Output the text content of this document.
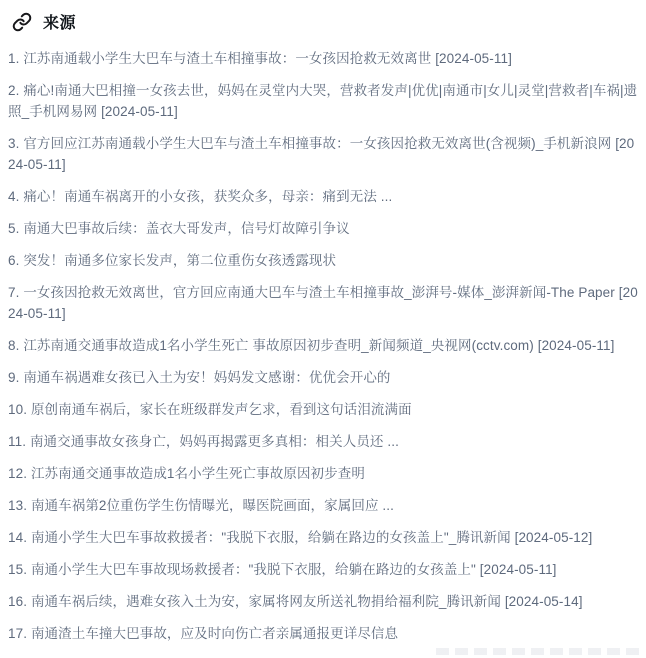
来源
1. 江苏南通载小学生大巴车与渣土车相撞事故：一女孩因抢救无效离世 [2024-05-11]
2. 痛心!南通大巴相撞一女孩去世，妈妈在灵堂内大哭，营救者发声|优优|南通市|女儿|灵堂|营救者|车祸|遗照_手机网易网 [2024-05-11]
3. 官方回应江苏南通载小学生大巴车与渣土车相撞事故：一女孩因抢救无效离世(含视频)_手机新浪网 [2024-05-11]
4. 痛心！南通车祸离开的小女孩，获奖众多，母亲：痛到无法 ...
5. 南通大巴事故后续：盖衣大哥发声，信号灯故障引争议
6. 突发！南通多位家长发声，第二位重伤女孩透露现状
7. 一女孩因抢救无效离世，官方回应南通大巴车与渣土车相撞事故_澎湃号-媒体_澎湃新闻-The Paper [2024-05-11]
8. 江苏南通交通事故造成1名小学生死亡 事故原因初步查明_新闻频道_央视网(cctv.com) [2024-05-11]
9. 南通车祸遇难女孩已入土为安！妈妈发文感谢：优优会开心的
10. 原创南通车祸后，家长在班级群发声乞求，看到这句话泪流满面
11. 南通交通事故女孩身亡，妈妈再揭露更多真相：相关人员还 ...
12. 江苏南通交通事故造成1名小学生死亡事故原因初步查明
13. 南通车祸第2位重伤学生伤情曝光，曝医院画面，家属回应 ...
14. 南通小学生大巴车事故救援者："我脱下衣服，给躺在路边的女孩盖上"_腾讯新闻 [2024-05-12]
15. 南通小学生大巴车事故现场救援者："我脱下衣服，给躺在路边的女孩盖上" [2024-05-11]
16. 南通车祸后续，遇难女孩入土为安，家属将网友所送礼物捐给福利院_腾讯新闻 [2024-05-14]
17. 南通渣土车撞大巴事故，应及时向伤亡者亲属通报更详尽信息
